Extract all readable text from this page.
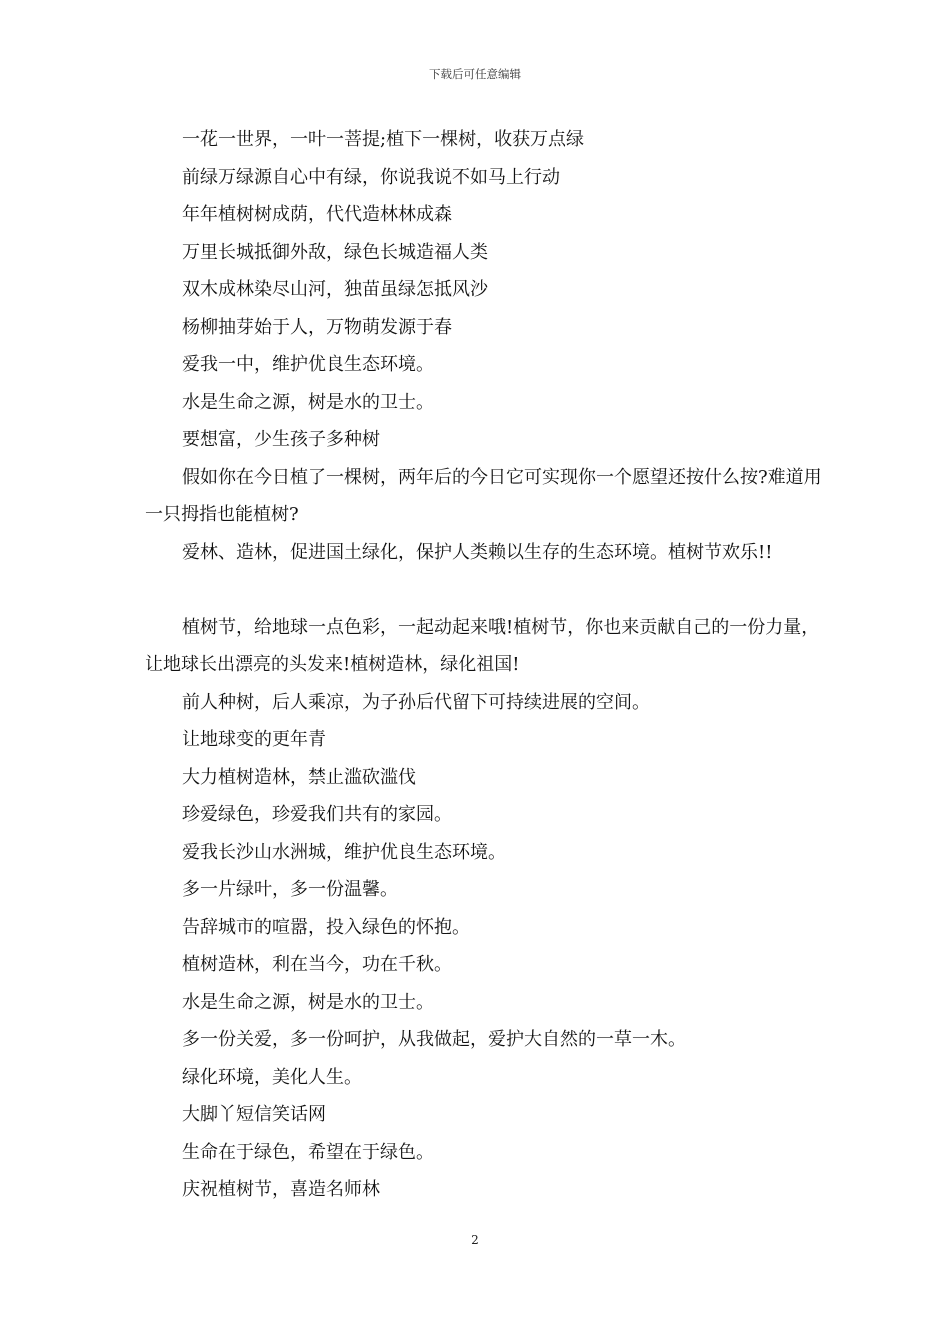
下载后可任意编辑

一花一世界，一叶一菩提;植下一棵树，收获万点绿

前绿万绿源自心中有绿，你说我说不如马上行动

年年植树树成荫，代代造林林成森

万里长城抵御外敌，绿色长城造福人类

双木成林染尽山河，独苗虽绿怎抵风沙

杨柳抽芽始于人，万物萌发源于春

爱我一中，维护优良生态环境。

水是生命之源，树是水的卫士。

要想富，少生孩子多种树

假如你在今日植了一棵树，两年后的今日它可实现你一个愿望还按什么按?难道用一只拇指也能植树?

爱林、造林，促进国土绿化，保护人类赖以生存的生态环境。植树节欢乐!!

植树节，给地球一点色彩，一起动起来哦!植树节，你也来贡献自己的一份力量，让地球长出漂亮的头发来!植树造林，绿化祖国!

前人种树，后人乘凉，为子孙后代留下可持续进展的空间。

让地球变的更年青

大力植树造林，禁止滥砍滥伐

珍爱绿色，珍爱我们共有的家园。

爱我长沙山水洲城，维护优良生态环境。

多一片绿叶，多一份温馨。

告辞城市的喧嚣，投入绿色的怀抱。

植树造林，利在当今，功在千秋。

水是生命之源，树是水的卫士。

多一份关爱，多一份呵护，从我做起，爱护大自然的一草一木。

绿化环境，美化人生。

大脚丫短信笑话网

生命在于绿色，希望在于绿色。

庆祝植树节，喜造名师林

2
